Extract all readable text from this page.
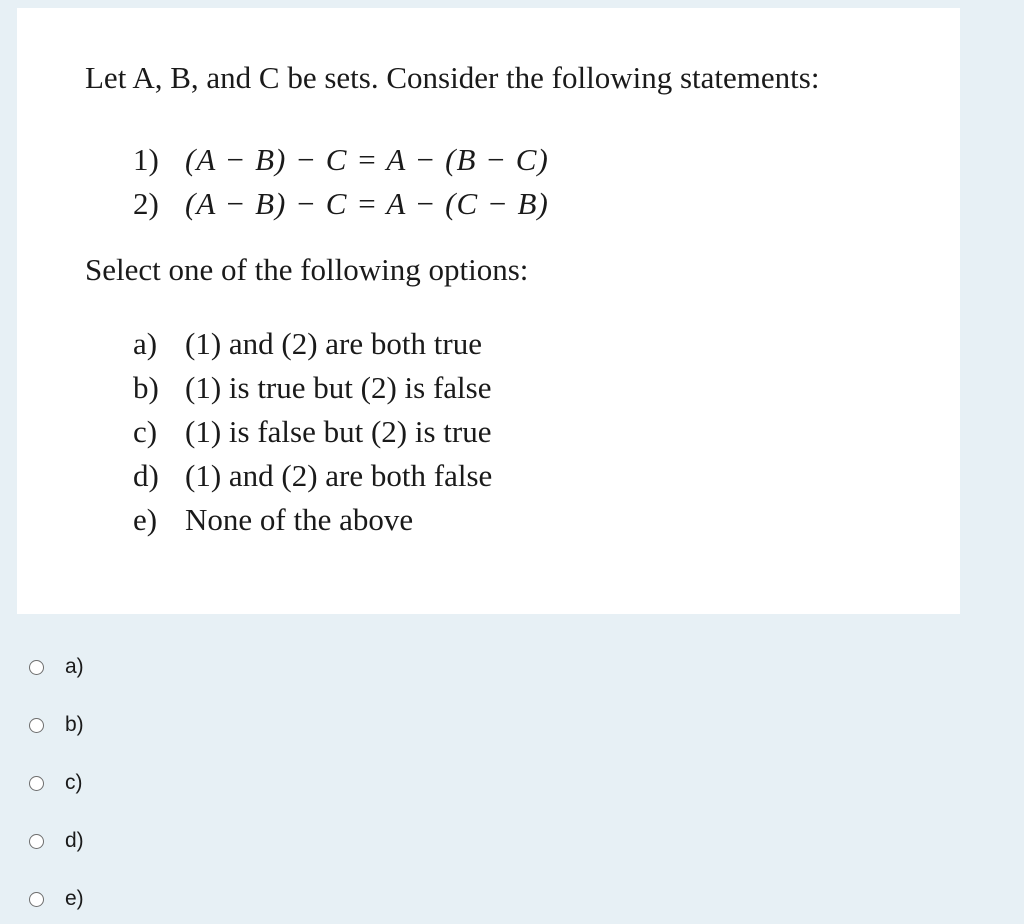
Let A, B, and C be sets. Consider the following statements:
1) (A − B) − C = A − (B − C)
2) (A − B) − C = A − (C − B)
Select one of the following options:
a) (1) and (2) are both true
b) (1) is true but (2) is false
c) (1) is false but (2) is true
d) (1) and (2) are both false
e) None of the above
a)
b)
c)
d)
e)
